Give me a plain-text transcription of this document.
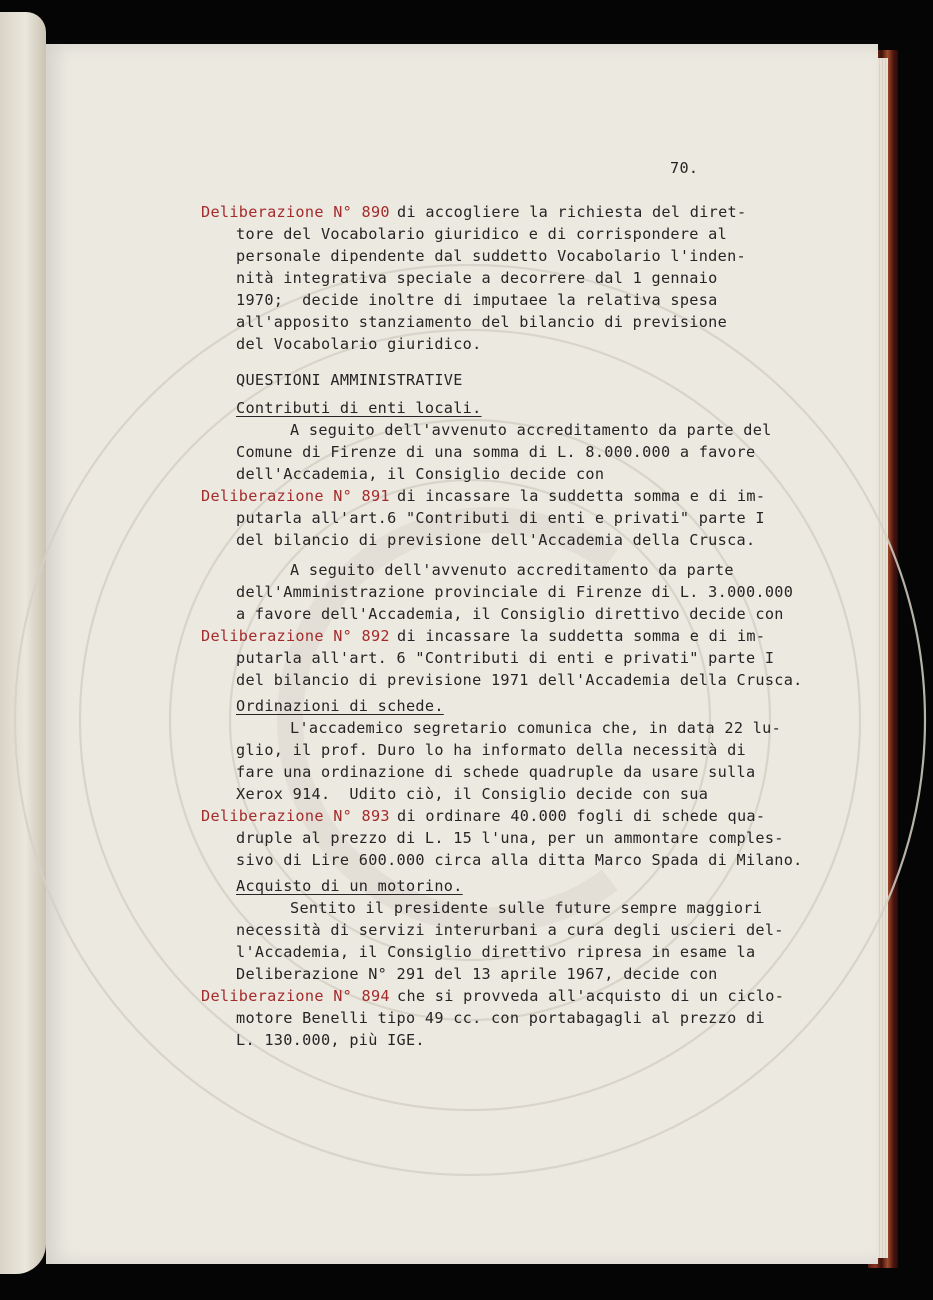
70.
Deliberazione N° 890 di accogliere la richiesta del diret-
tore del Vocabolario giuridico e di corrispondere al
personale dipendente dal suddetto Vocabolario l'inden-
nità integrativa speciale a decorrere dal 1 gennaio
1970;  decide inoltre di imputaee la relativa spesa
all'apposito stanziamento del bilancio di previsione
del Vocabolario giuridico.
QUESTIONI AMMINISTRATIVE
Contributi di enti locali.
A seguito dell'avvenuto accreditamento da parte del
Comune di Firenze di una somma di L. 8.000.000 a favore
dell'Accademia, il Consiglio decide con
Deliberazione N° 891 di incassare la suddetta somma e di im-
putarla all'art.6 "Contributi di enti e privati" parte I
del bilancio di previsione dell'Accademia della Crusca.
A seguito dell'avvenuto accreditamento da parte
dell'Amministrazione provinciale di Firenze di L. 3.000.000
a favore dell'Accademia, il Consiglio direttivo decide con
Deliberazione N° 892 di incassare la suddetta somma e di im-
putarla all'art. 6 "Contributi di enti e privati" parte I
del bilancio di previsione 1971 dell'Accademia della Crusca.
Ordinazioni di schede.
L'accademico segretario comunica che, in data 22 lu-
glio, il prof. Duro lo ha informato della necessità di
fare una ordinazione di schede quadruple da usare sulla
Xerox 914.  Udito ciò, il Consiglio decide con sua
Deliberazione N° 893 di ordinare 40.000 fogli di schede qua-
druple al prezzo di L. 15 l'una, per un ammontare comples-
sivo di Lire 600.000 circa alla ditta Marco Spada di Milano.
Acquisto di un motorino.
Sentito il presidente sulle future sempre maggiori
necessità di servizi interurbani a cura degli uscieri del-
l'Accademia, il Consiglio direttivo ripresa in esame la
Deliberazione N° 291 del 13 aprile 1967, decide con
Deliberazione N° 894 che si provveda all'acquisto di un ciclo-
motore Benelli tipo 49 cc. con portabagagli al prezzo di
L. 130.000, più IGE.
